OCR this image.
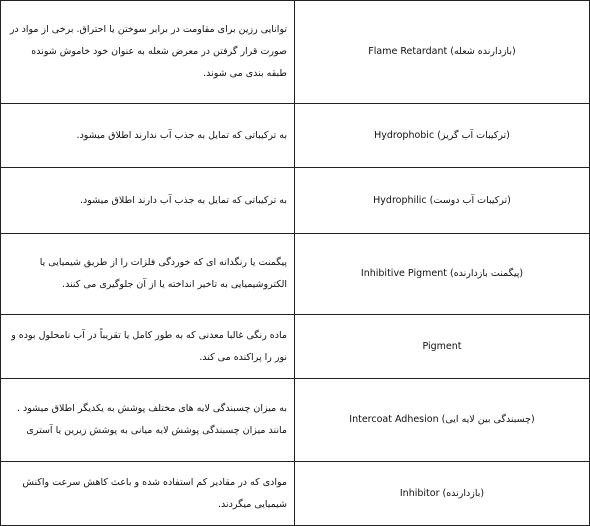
Flame Retardant (بازدارنده شعله)	توانایی رزین برای مقاومت در برابر سوختن یا احتراق. برخی از مواد در صورت قرار گرفتن در معرض شعله به عنوان خود خاموش شونده طبقه بندی می شوند.

Hydrophobic (ترکیبات آب گریز)	به ترکیباتی که تمایل به جذب آب ندارند اطلاق میشود.

Hydrophilic (ترکیبات آب دوست)	به ترکیباتی که تمایل به جذب آب دارند اطلاق میشود.

Inhibitive Pigment (پیگمنت بازدارنده)	پیگمنت یا رنگدانه ای که خوردگی فلزات را از طریق شیمیایی یا الکتروشیمیایی به تاخیر انداخته یا از آن جلوگیری می کنند.

Pigment	ماده رنگی غالبا معدنی که به طور کامل یا تقریباً در آب نامحلول بوده و نور را پراکنده می کند.

Intercoat Adhesion (چسبندگی بین لایه ایی)	به میزان چسبندگی لایه های مختلف پوشش به یکدیگر اطلاق میشود . مانند میزان چسبندگی پوشش لایه میانی به پوشش زیرین یا آستری

Inhibitor (بازدارنده)	موادی که در مقادیر کم استفاده شده و باعث کاهش سرعت واکنش شیمیایی میگردند.
